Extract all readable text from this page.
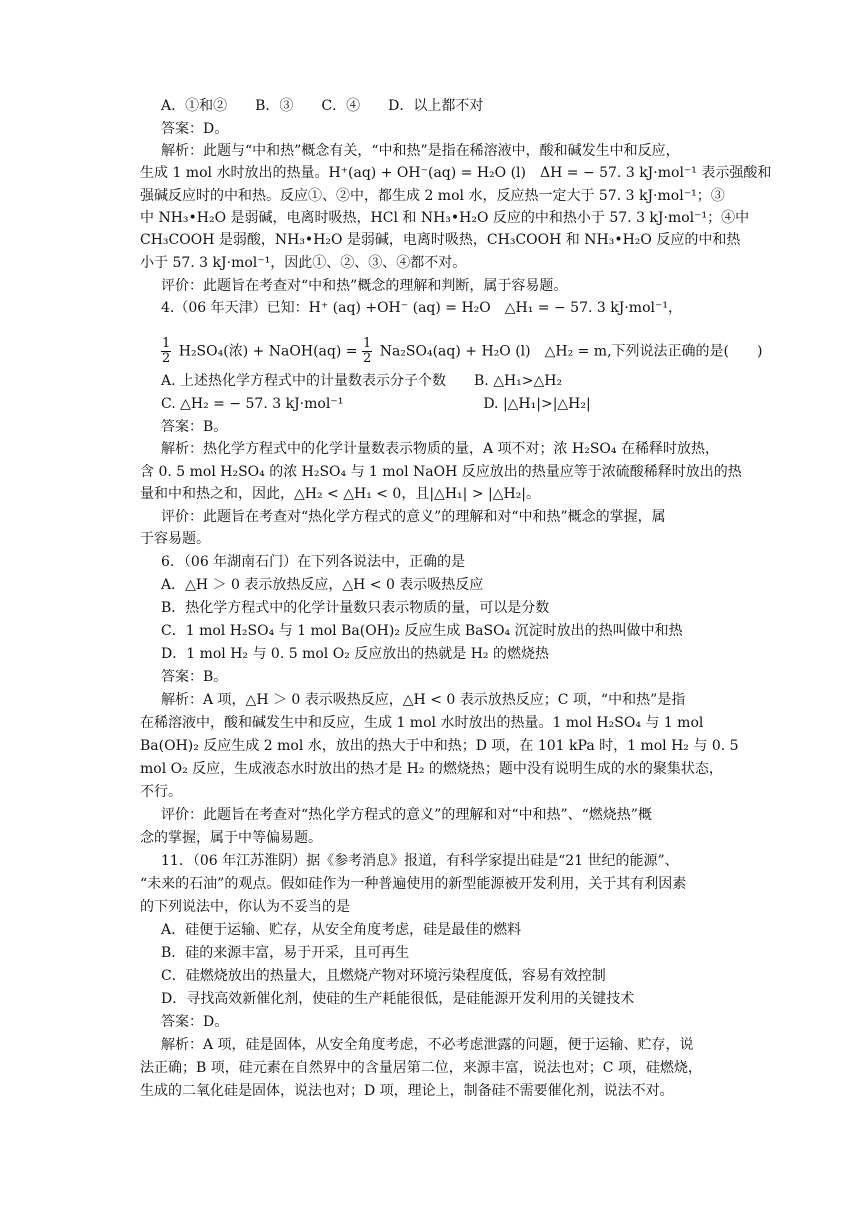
A．①和②　　B．③　　C．④　　D．以上都不对
答案：D。
解析：此题与“中和热”概念有关，“中和热”是指在稀溶液中，酸和碱发生中和反应，
生成 1 mol 水时放出的热量。H⁺(aq) + OH⁻(aq) = H₂O (l)　ΔH = − 57. 3 kJ·mol⁻¹ 表示强酸和
强碱反应时的中和热。反应①、②中，都生成 2 mol 水，反应热一定大于 57. 3 kJ·mol⁻¹；③
中 NH₃•H₂O 是弱碱，电离时吸热，HCl 和 NH₃•H₂O 反应的中和热小于 57. 3 kJ·mol⁻¹；④中
CH₃COOH 是弱酸，NH₃•H₂O 是弱碱，电离时吸热，CH₃COOH 和 NH₃•H₂O 反应的中和热
小于 57. 3 kJ·mol⁻¹，因此①、②、③、④都不对。
评价：此题旨在考查对“中和热”概念的理解和判断，属于容易题。
4.（06 年天津）已知：H⁺ (aq) +OH⁻ (aq) = H₂O　△H₁ = − 57. 3 kJ·mol⁻¹，
A. 上述热化学方程式中的计量数表示分子个数　　B. △H₁>△H₂
C. △H₂ = − 57. 3 kJ·mol⁻¹　　　　　　　　　　D. |△H₁|>|△H₂|
答案：B。
解析：热化学方程式中的化学计量数表示物质的量，A 项不对；浓 H₂SO₄ 在稀释时放热，
含 0. 5 mol H₂SO₄ 的浓 H₂SO₄ 与 1 mol NaOH 反应放出的热量应等于浓硫酸稀释时放出的热
量和中和热之和，因此，△H₂ < △H₁ < 0，且|△H₁| > |△H₂|。
评价：此题旨在考查对“热化学方程式的意义”的理解和对“中和热”概念的掌握，属
于容易题。
6．（06 年湖南石门）在下列各说法中，正确的是
A．△H ＞ 0 表示放热反应，△H < 0 表示吸热反应
B．热化学方程式中的化学计量数只表示物质的量，可以是分数
C．1 mol H₂SO₄ 与 1 mol Ba(OH)₂ 反应生成 BaSO₄ 沉淀时放出的热叫做中和热
D．1 mol H₂ 与 0. 5 mol O₂ 反应放出的热就是 H₂ 的燃烧热
答案：B。
解析：A 项，△H ＞ 0 表示吸热反应，△H < 0 表示放热反应；C 项，“中和热”是指
在稀溶液中，酸和碱发生中和反应，生成 1 mol 水时放出的热量。1 mol H₂SO₄ 与 1 mol
Ba(OH)₂ 反应生成 2 mol 水，放出的热大于中和热；D 项，在 101 kPa 时，1 mol H₂ 与 0. 5
mol O₂ 反应，生成液态水时放出的热才是 H₂ 的燃烧热；题中没有说明生成的水的聚集状态，
不行。
评价：此题旨在考查对“热化学方程式的意义”的理解和对“中和热”、“燃烧热”概
念的掌握，属于中等偏易题。
11．（06 年江苏淮阴）据《参考消息》报道，有科学家提出硅是“21 世纪的能源”、
“未来的石油”的观点。假如硅作为一种普遍使用的新型能源被开发利用，关于其有利因素
的下列说法中，你认为不妥当的是
A．硅便于运输、贮存，从安全角度考虑，硅是最佳的燃料
B．硅的来源丰富，易于开采，且可再生
C．硅燃烧放出的热量大，且燃烧产物对环境污染程度低，容易有效控制
D．寻找高效新催化剂，使硅的生产耗能很低，是硅能源开发利用的关键技术
答案：D。
解析：A 项，硅是固体，从安全角度考虑，不必考虑泄露的问题，便于运输、贮存，说
法正确；B 项，硅元素在自然界中的含量居第二位，来源丰富，说法也对；C 项，硅燃烧，
生成的二氧化硅是固体，说法也对；D 项，理论上，制备硅不需要催化剂，说法不对。
$\frac{1}{2} H_2SO_4$(浓) + NaOH(aq) = $\frac{1}{2} Na_2SO_4(aq) + H_2O$ (l)　△H₂ = m,下列说法正确的是(　　)
